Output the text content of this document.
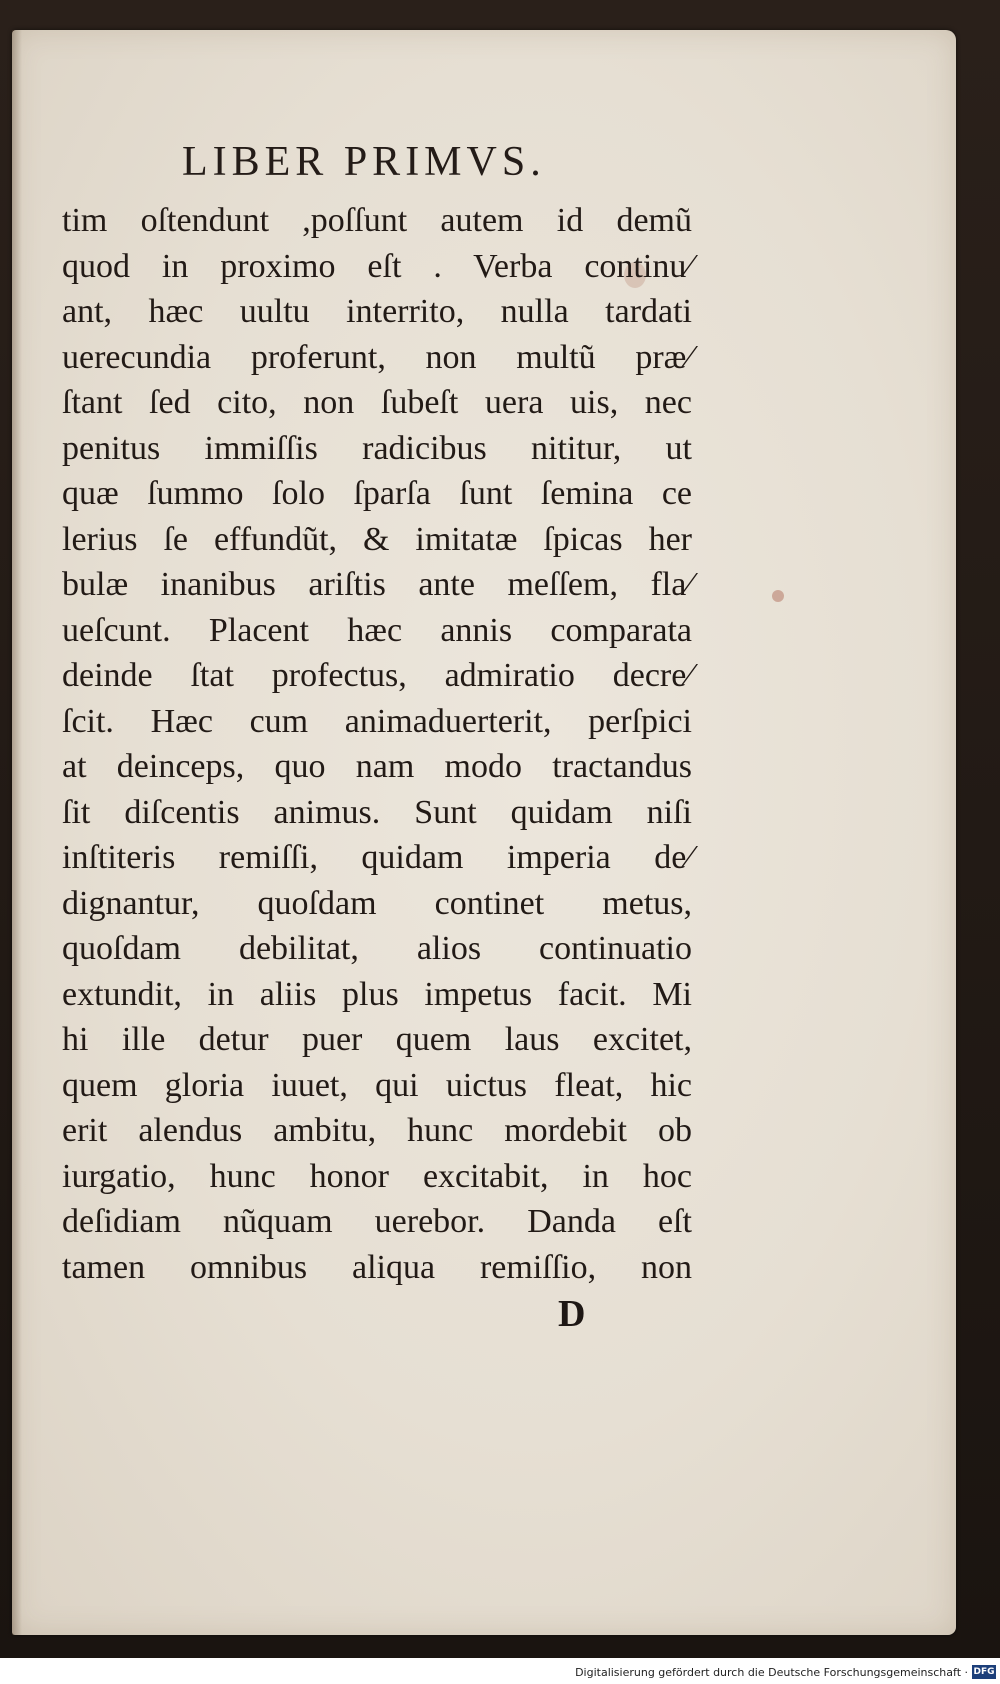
LIBER PRIMVS.
tim oſtendunt ,poſſunt autem id demũ
quod in proximo eſt . Verba continu⁄
ant, hæc uultu interrito, nulla tardati
uerecundia proferunt, non multũ præ⁄
ſtant ſed cito, non ſubeſt uera uis, nec
penitus immiſſis radicibus nititur, ut
quæ ſummo ſolo ſparſa ſunt ſemina ce
lerius ſe effundũt, & imitatæ ſpicas her
bulæ inanibus ariſtis ante meſſem, fla⁄
ueſcunt. Placent hæc annis comparata
deinde ſtat profectus, admiratio decre⁄
ſcit. Hæc cum animaduerterit, perſpici
at deinceps, quo nam modo tractandus
ſit diſcentis animus. Sunt quidam niſi
inſtiteris remiſſi, quidam imperia de⁄
dignantur, quoſdam continet metus,
quoſdam debilitat, alios continuatio
extundit, in aliis plus impetus facit. Mi
hi ille detur puer quem laus excitet,
quem gloria iuuet, qui uictus fleat, hic
erit alendus ambitu, hunc mordebit ob
iurgatio, hunc honor excitabit, in hoc
deſidiam nũquam uerebor. Danda eſt
tamen omnibus aliqua remiſſio, non
D
Digitalisierung gefördert durch die Deutsche Forschungsgemeinschaft · DFG
